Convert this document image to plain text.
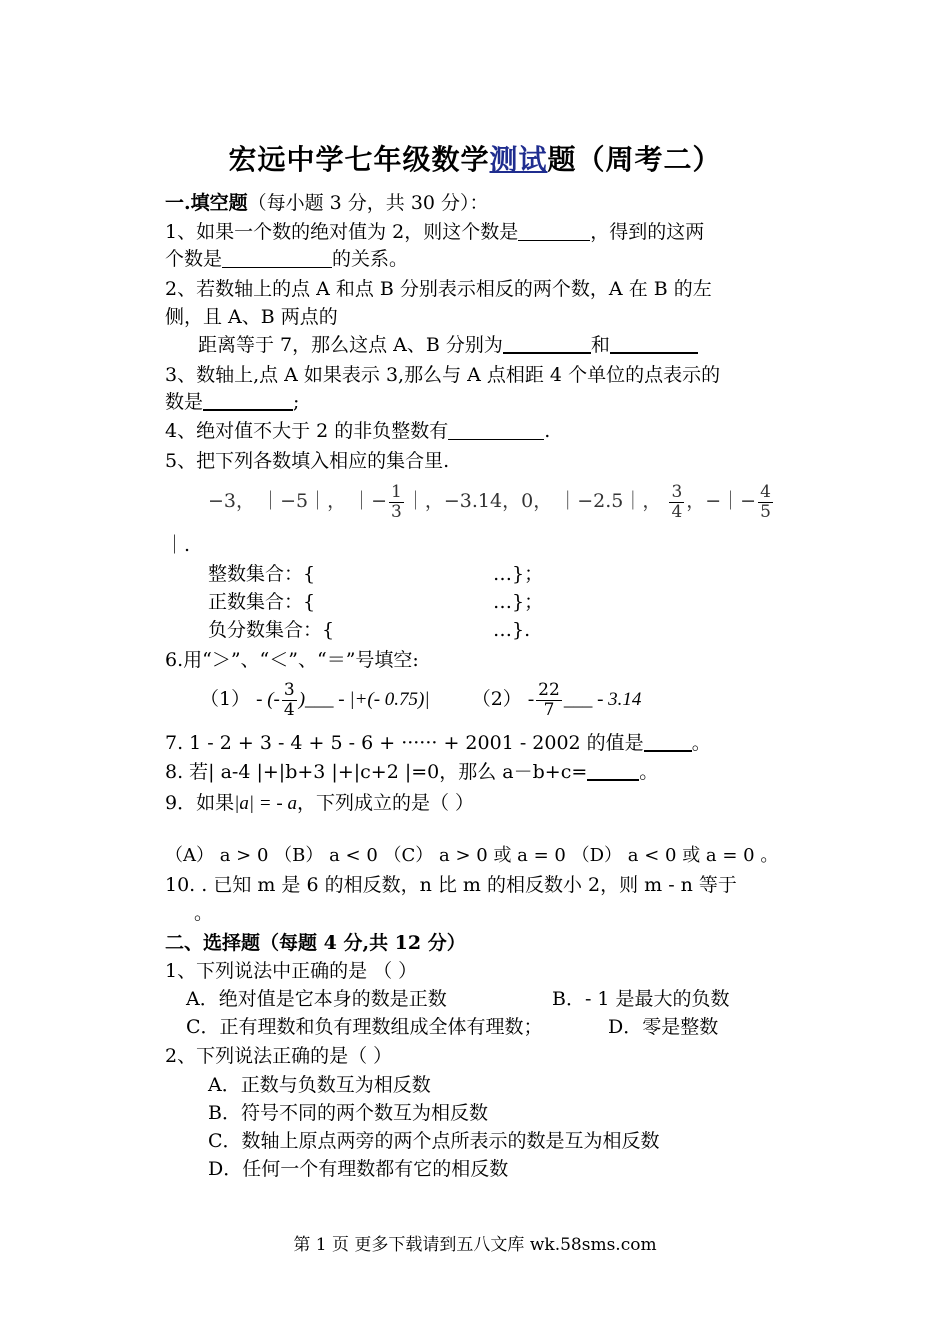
宏远中学七年级数学测试题（周考二）
一.填空题（每小题 3 分，共 30 分）：
1、如果一个数的绝对值为 2，则这个数是	，得到的这两
个数是	的关系。
2、若数轴上的点 A 和点 B 分别表示相反的两个数，A 在 B 的左
侧，且 A、B 两点的
距离等于 7，那么这点 A、B 分别为	和
3、数轴上,点 A 如果表示 3,那么与 A 点相距 4 个单位的点表示的
数是	;
4、绝对值不大于 2 的非负整数有	.
5、把下列各数填入相应的集合里.
−3， ｜−5｜， ｜− $\frac{1}{3}$ ｜，−3.14，0， ｜−2.5｜， $\frac{3}{4}$ ，−｜− $\frac{4}{5}$
｜.
整数集合：{	…}；
正数集合：{	…}；
负分数集合：{	…}.
6.用“＞”、“＜”、“＝”号填空:
（1） - (- $\frac{3}{4}$ )___ - |+(- 0.75)| $(2) - \frac{22}{7}$ ___ - 3.14
7. 1 - 2 + 3 - 4 + 5 - 6 + ······ + 2001 - 2002 的值是	。
8. 若| a-4 |+|b+3 |+|c+2 |=0，那么 a－b+c=	。
9．如果|a| = - a，下列成立的是（ ）
（A） a > 0 （B） a < 0 （C） a > 0 或 a = 0 （D） a < 0 或 a = 0 。
10. . 已知 m 是 6 的相反数，n 比 m 的相反数小 2，则 m - n 等于
。
二、选择题（每题 4 分,共 12 分）
1、下列说法中正确的是 （ ）
A．绝对值是它本身的数是正数	B．- 1 是最大的负数
C．正有理数和负有理数组成全体有理数；	D．零是整数
2、下列说法正确的是（ ）
A．正数与负数互为相反数
B．符号不同的两个数互为相反数
C．数轴上原点两旁的两个点所表示的数是互为相反数
D．任何一个有理数都有它的相反数
第 1 页 更多下载请到五八文库 wk.58sms.com
